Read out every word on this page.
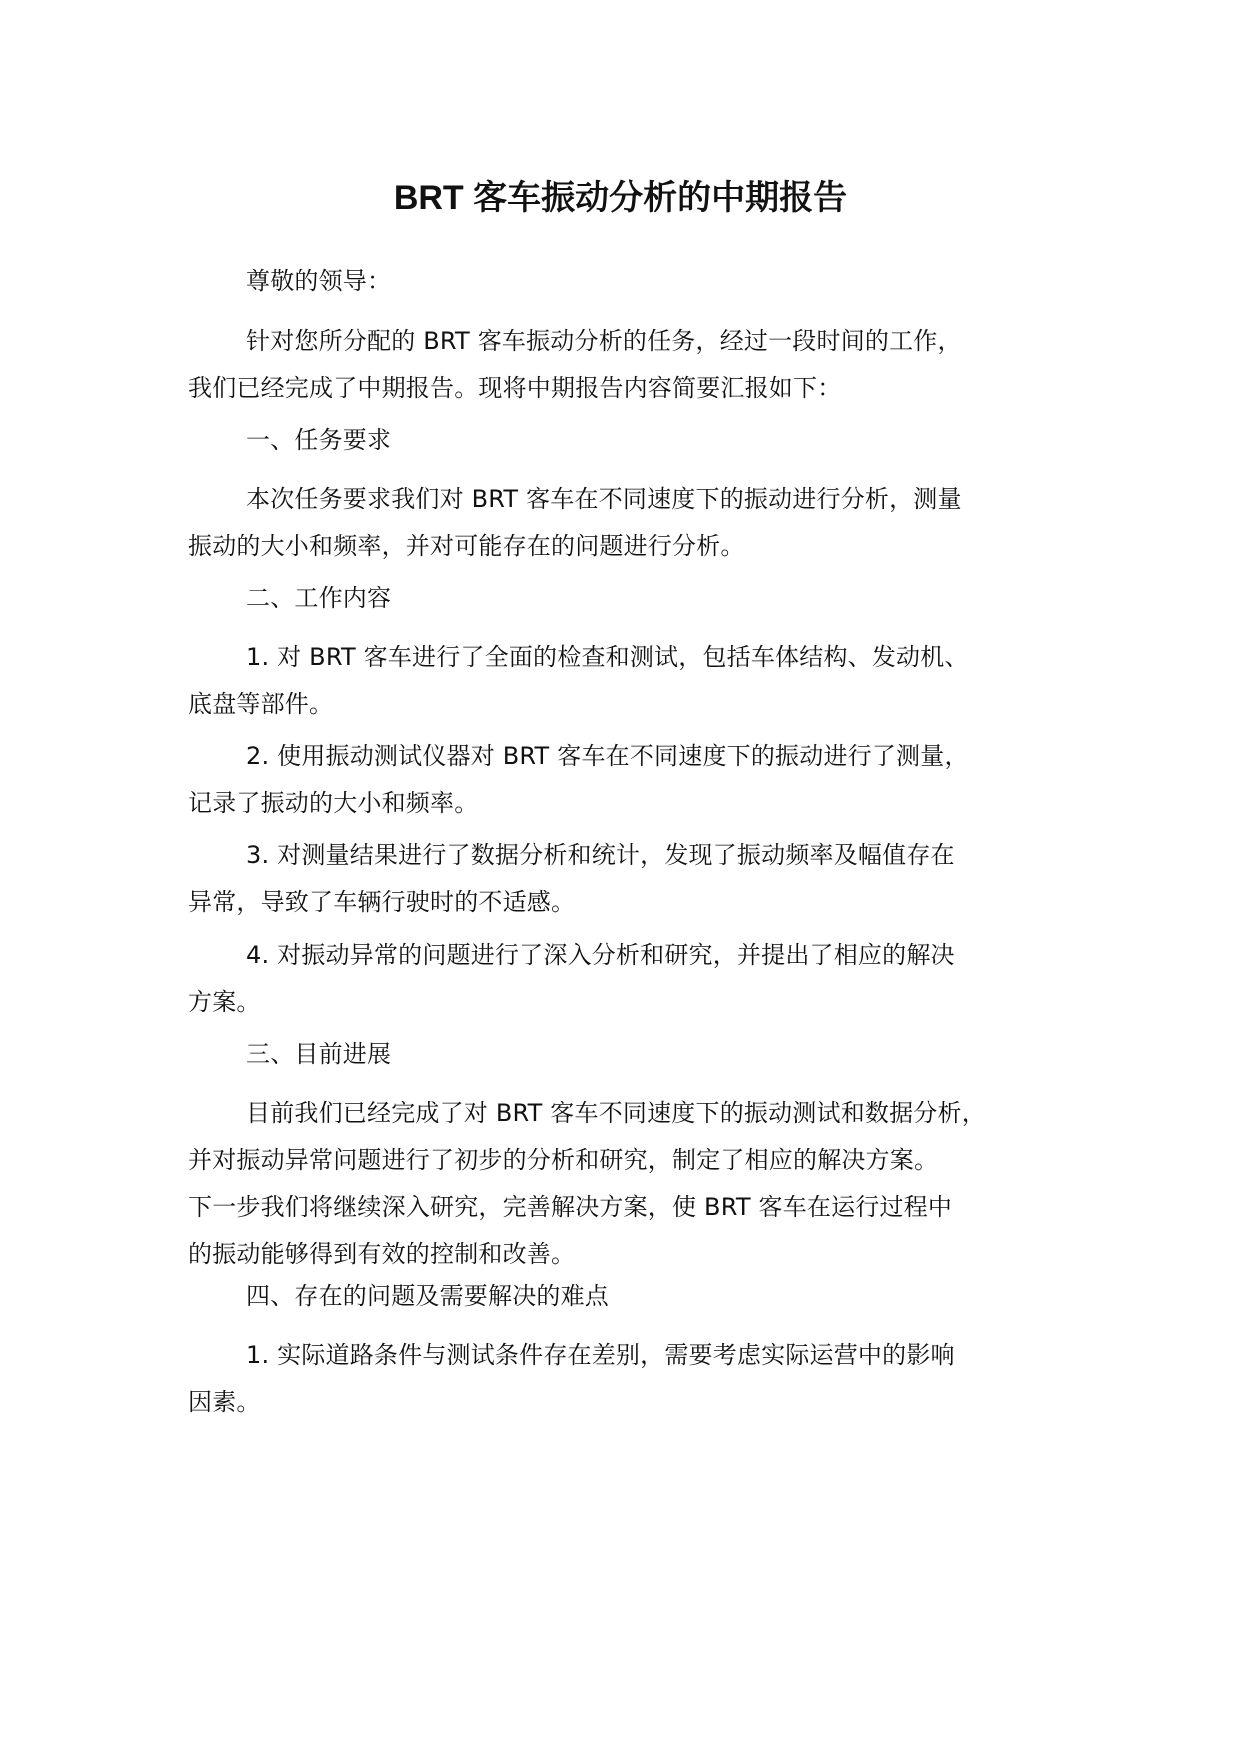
BRT 客车振动分析的中期报告

尊敬的领导：

针对您所分配的 BRT 客车振动分析的任务，经过一段时间的工作，
我们已经完成了中期报告。现将中期报告内容简要汇报如下：

一、任务要求

本次任务要求我们对 BRT 客车在不同速度下的振动进行分析，测量
振动的大小和频率，并对可能存在的问题进行分析。

二、工作内容

1. 对 BRT 客车进行了全面的检查和测试，包括车体结构、发动机、
底盘等部件。

2. 使用振动测试仪器对 BRT 客车在不同速度下的振动进行了测量，
记录了振动的大小和频率。

3. 对测量结果进行了数据分析和统计，发现了振动频率及幅值存在
异常，导致了车辆行驶时的不适感。

4. 对振动异常的问题进行了深入分析和研究，并提出了相应的解决
方案。

三、目前进展

目前我们已经完成了对 BRT 客车不同速度下的振动测试和数据分析，
并对振动异常问题进行了初步的分析和研究，制定了相应的解决方案。
下一步我们将继续深入研究，完善解决方案，使 BRT 客车在运行过程中
的振动能够得到有效的控制和改善。

四、存在的问题及需要解决的难点

1. 实际道路条件与测试条件存在差别，需要考虑实际运营中的影响
因素。
